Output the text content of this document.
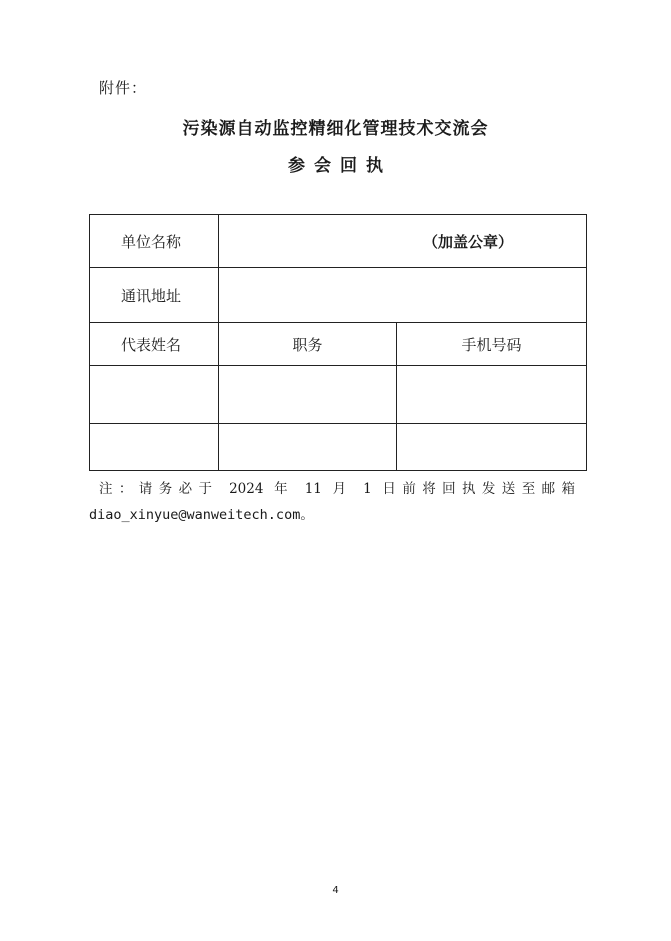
附件：
污染源自动监控精细化管理技术交流会
参会回执
单位名称	（加盖公章）	
通讯地址		
代表姓名	职务	手机号码

注：请务必于 2024 年 11 月 1 日前将回执发送至邮箱
diao_xinyue@wanweitech.com。
4
